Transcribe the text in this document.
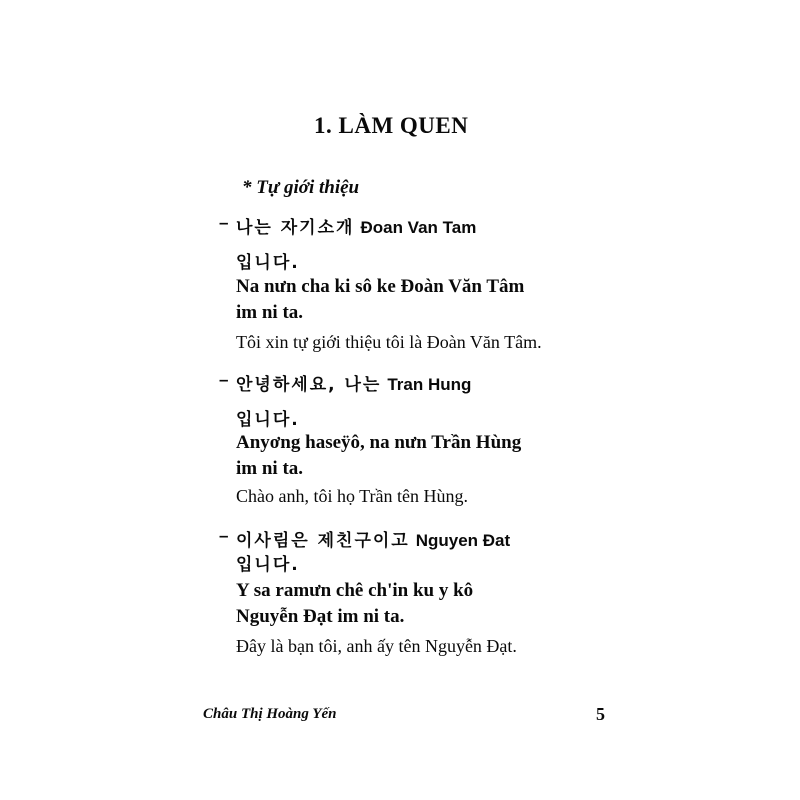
1. LÀM QUEN
* Tự giới thiệu
– 나는 자기소개 Đoan Van Tam
입니다.
Na nưn cha ki sô ke Đoàn Văn Tâm
im ni ta.
Tôi xin tự giới thiệu tôi là Đoàn Văn Tâm.
– 안녕하세요, 나는 Tran Hung
입니다.
Anyơng haseÿô, na nưn Trần Hùng
im ni ta.
Chào anh, tôi họ Trần tên Hùng.
– 이사림은 제친구이고 Nguyen Đat
입니다.
Y sa ramưn chê ch'in ku y kô
Nguyễn Đạt im ni ta.
Đây là bạn tôi, anh ấy tên Nguyễn Đạt.
Châu Thị Hoàng Yến	5
